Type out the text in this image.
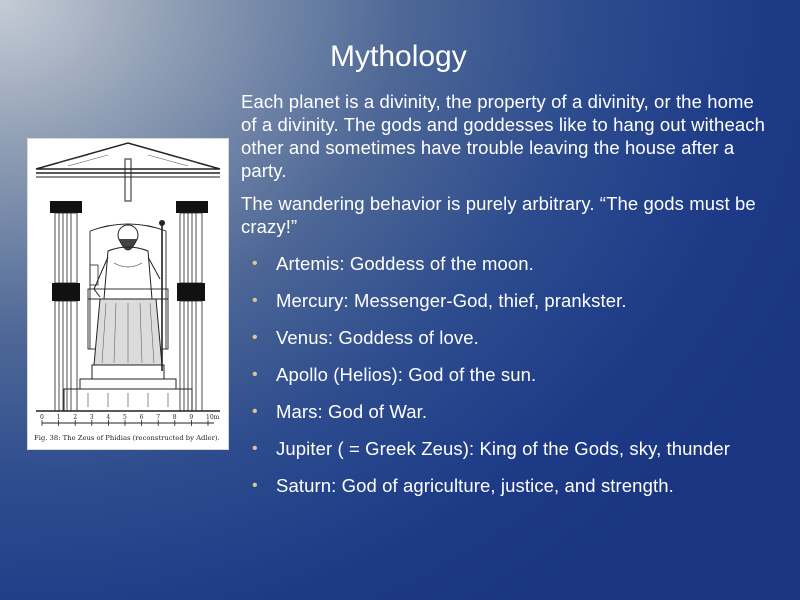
Mythology
0 1 2 3 4 5 6 7 8 9 10m
Fig. 38: The Zeus of Phidias (reconstructed by Adler).

Each planet is a divinity, the property of a divinity, or the home of a divinity. The gods and goddesses like to hang out witheach other and sometimes have trouble leaving the house after a party.

The wandering behavior is purely arbitrary. “The gods must be crazy!”

• Artemis: Goddess of the moon.
• Mercury: Messenger-God, thief, prankster.
• Venus: Goddess of love.
• Apollo (Helios): God of the sun.
• Mars: God of War.
• Jupiter ( = Greek Zeus): King of the Gods, sky, thunder
• Saturn: God of agriculture, justice, and strength.
